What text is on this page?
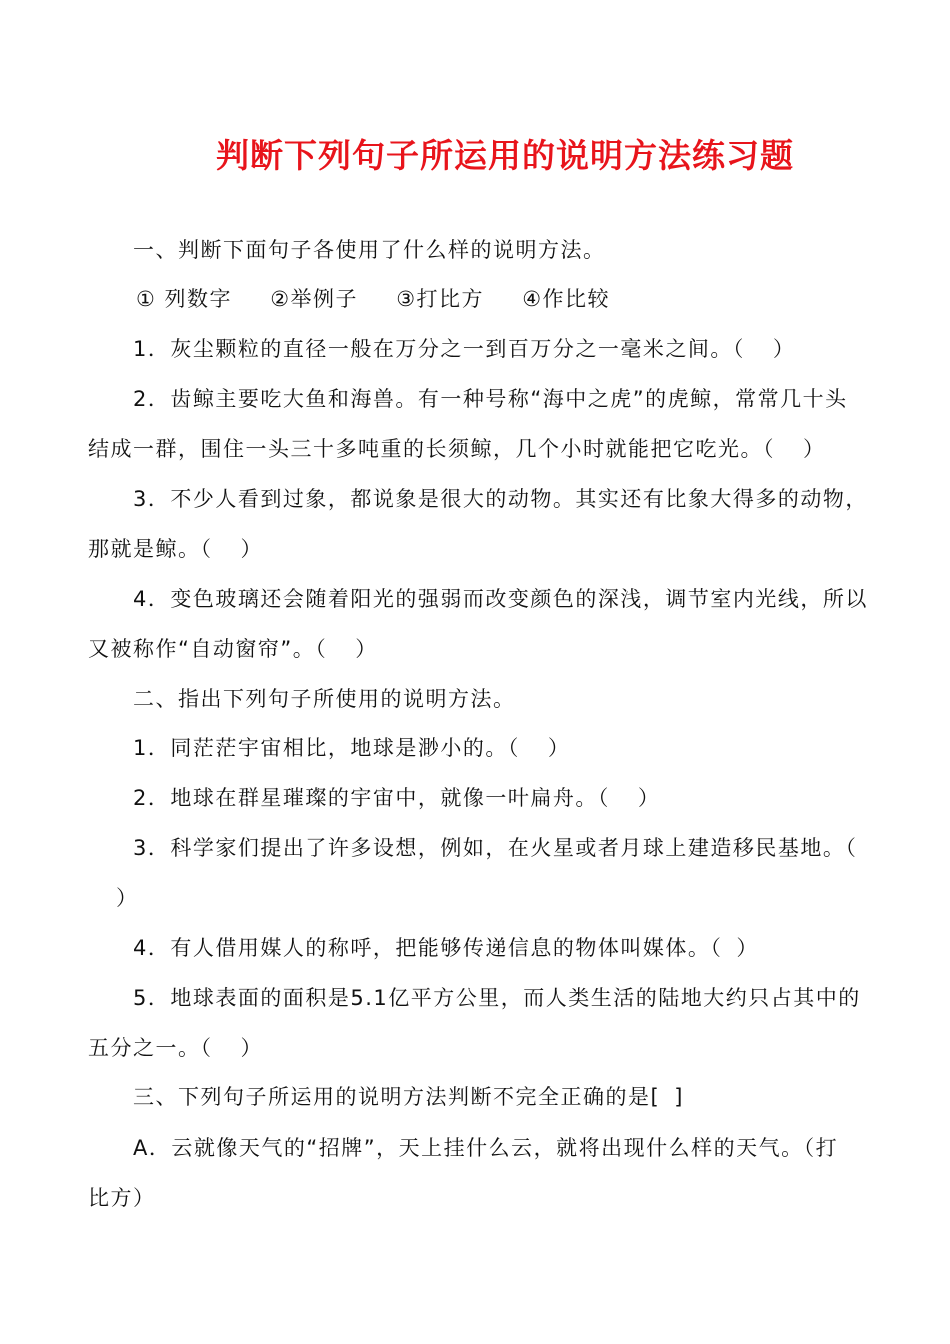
判断下列句子所运用的说明方法练习题
一、判断下面句子各使用了什么样的说明方法。
① 列数字 ②举例子 ③打比方 ④作比较
1．灰尘颗粒的直径一般在万分之一到百万分之一毫米之间。（ ）
2．齿鲸主要吃大鱼和海兽。有一种号称“海中之虎”的虎鲸，常常几十头
结成一群，围住一头三十多吨重的长须鲸，几个小时就能把它吃光。（ ）
3．不少人看到过象，都说象是很大的动物。其实还有比象大得多的动物，
那就是鲸。（ ）
4．变色玻璃还会随着阳光的强弱而改变颜色的深浅，调节室内光线，所以
又被称作“自动窗帘”。（ ）
二、指出下列句子所使用的说明方法。
1．同茫茫宇宙相比，地球是渺小的。（ ）
2．地球在群星璀璨的宇宙中，就像一叶扁舟。（ ）
3．科学家们提出了许多设想，例如，在火星或者月球上建造移民基地。（
）
4．有人借用媒人的称呼，把能够传递信息的物体叫媒体。（ ）
5．地球表面的面积是5.1亿平方公里，而人类生活的陆地大约只占其中的
五分之一。（ ）
三、下列句子所运用的说明方法判断不完全正确的是[ ]
A．云就像天气的“招牌”，天上挂什么云，就将出现什么样的天气。（打
比方）
